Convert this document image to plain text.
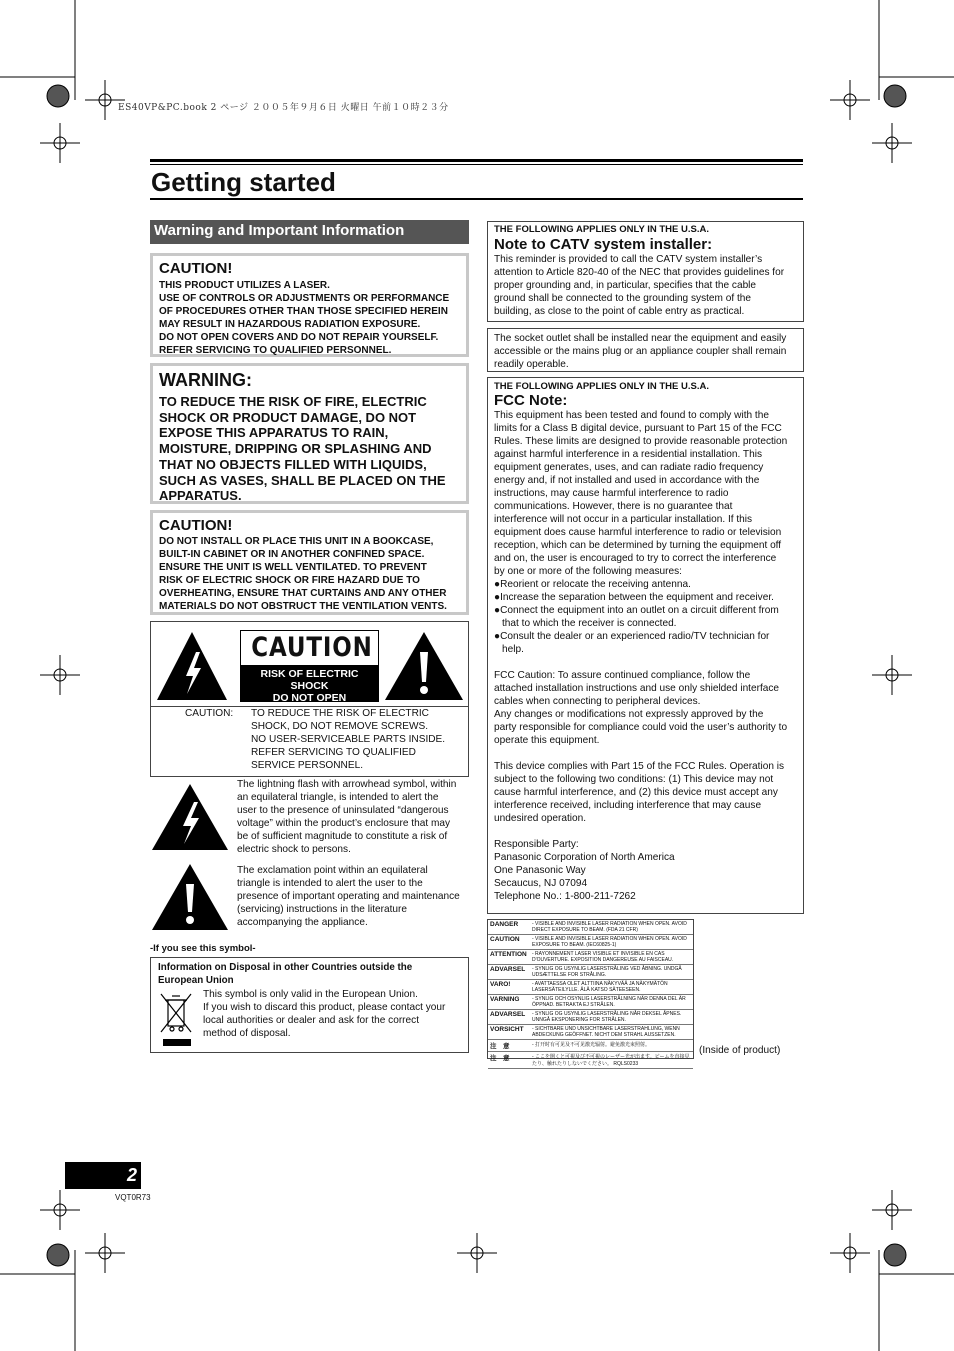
ES40VP&PC.book 2 ページ ２００５年９月６日 火曜日 午前１０時２３分
Getting started
Warning and Important Information
CAUTION!
THIS PRODUCT UTILIZES A LASER.
USE OF CONTROLS OR ADJUSTMENTS OR PERFORMANCE
OF PROCEDURES OTHER THAN THOSE SPECIFIED HEREIN
MAY RESULT IN HAZARDOUS RADIATION EXPOSURE.
DO NOT OPEN COVERS AND DO NOT REPAIR YOURSELF.
REFER SERVICING TO QUALIFIED PERSONNEL.
WARNING:
TO REDUCE THE RISK OF FIRE, ELECTRIC
SHOCK OR PRODUCT DAMAGE, DO NOT
EXPOSE THIS APPARATUS TO RAIN,
MOISTURE, DRIPPING OR SPLASHING AND
THAT NO OBJECTS FILLED WITH LIQUIDS,
SUCH AS VASES, SHALL BE PLACED ON THE
APPARATUS.
CAUTION!
DO NOT INSTALL OR PLACE THIS UNIT IN A BOOKCASE,
BUILT-IN CABINET OR IN ANOTHER CONFINED SPACE.
ENSURE THE UNIT IS WELL VENTILATED. TO PREVENT
RISK OF ELECTRIC SHOCK OR FIRE HAZARD DUE TO
OVERHEATING, ENSURE THAT CURTAINS AND ANY OTHER
MATERIALS DO NOT OBSTRUCT THE VENTILATION VENTS.
CAUTION
RISK OF ELECTRIC SHOCK
DO NOT OPEN
CAUTION: TO REDUCE THE RISK OF ELECTRIC
SHOCK, DO NOT REMOVE SCREWS.
NO USER-SERVICEABLE PARTS INSIDE.
REFER SERVICING TO QUALIFIED
SERVICE PERSONNEL.
The lightning flash with arrowhead symbol, within
an equilateral triangle, is intended to alert the
user to the presence of uninsulated “dangerous
voltage” within the product’s enclosure that may
be of sufficient magnitude to constitute a risk of
electric shock to persons.
The exclamation point within an equilateral
triangle is intended to alert the user to the
presence of important operating and maintenance
(servicing) instructions in the literature
accompanying the appliance.
-If you see this symbol-
Information on Disposal in other Countries outside the
European Union
This symbol is only valid in the European Union.
If you wish to discard this product, please contact your
local authorities or dealer and ask for the correct
method of disposal.
THE FOLLOWING APPLIES ONLY IN THE U.S.A.
Note to CATV system installer:
This reminder is provided to call the CATV system installer’s
attention to Article 820-40 of the NEC that provides guidelines for
proper grounding and, in particular, specifies that the cable
ground shall be connected to the grounding system of the
building, as close to the point of cable entry as practical.
The socket outlet shall be installed near the equipment and easily
accessible or the mains plug or an appliance coupler shall remain
readily operable.
THE FOLLOWING APPLIES ONLY IN THE U.S.A.
FCC Note:
This equipment has been tested and found to comply with the
limits for a Class B digital device, pursuant to Part 15 of the FCC
Rules. These limits are designed to provide reasonable protection
against harmful interference in a residential installation. This
equipment generates, uses, and can radiate radio frequency
energy and, if not installed and used in accordance with the
instructions, may cause harmful interference to radio
communications. However, there is no guarantee that
interference will not occur in a particular installation. If this
equipment does cause harmful interference to radio or television
reception, which can be determined by turning the equipment off
and on, the user is encouraged to try to correct the interference
by one or more of the following measures:
●Reorient or relocate the receiving antenna.
●Increase the separation between the equipment and receiver.
●Connect the equipment into an outlet on a circuit different from
that to which the receiver is connected.
●Consult the dealer or an experienced radio/TV technician for
help.
FCC Caution: To assure continued compliance, follow the
attached installation instructions and use only shielded interface
cables when connecting to peripheral devices.
Any changes or modifications not expressly approved by the
party responsible for compliance could void the user’s authority to
operate this equipment.
This device complies with Part 15 of the FCC Rules. Operation is
subject to the following two conditions: (1) This device may not
cause harmful interference, and (2) this device must accept any
interference received, including interference that may cause
undesired operation.
Responsible Party:
Panasonic Corporation of North America
One Panasonic Way
Secaucus, NJ 07094
Telephone No.: 1-800-211-7262
DANGER	- VISIBLE AND INVISIBLE LASER RADIATION WHEN OPEN. AVOID DIRECT EXPOSURE TO BEAM. (FDA 21 CFR)
CAUTION	- VISIBLE AND INVISIBLE LASER RADIATION WHEN OPEN. AVOID EXPOSURE TO BEAM. (IEC60825-1)
ATTENTION	- RAYONNEMENT LASER VISIBLE ET INVISIBLE EN CAS D'OUVERTURE. EXPOSITION DANGEREUSE AU FAISCEAU.
ADVARSEL	- SYNLIG OG USYNLIG LASERSTRÅLING VED ÅBNING. UNDGÅ UDSÆTTELSE FOR STRÅLING.
VARO!	- AVATTAESSA OLET ALTTIINA NÄKYVÄÄ JA NÄKYMÄTÖN LASERSÄTEILYLLE. ÄLÄ KATSO SÄTEESEEN.
VARNING	- SYNLIG OCH OSYNLIG LASERSTRÅLNING NÄR DENNA DEL ÄR ÖPPNAD. BETRAKTA EJ STRÅLEN.
ADVARSEL	- SYNLIG OG USYNLIG LASERSTRÅLING NÅR DEKSEL ÅPNES. UNNGÅ EKSPONERING FOR STRÅLEN.
VORSICHT	- SICHTBARE UND UNSICHTBARE LASERSTRAHLUNG, WENN ABDECKUNG GEÖFFNET. NICHT DEM STRAHL AUSSETZEN.
注　意	- 打开时有可见及不可见激光辐射。避免激光束照射。
注　意	- ここを開くと可視及び不可視のレーザー光が出ます。ビームを直接見たり、触れたりしないでください。 RQLS0233
(Inside of product)
2
VQT0R73
